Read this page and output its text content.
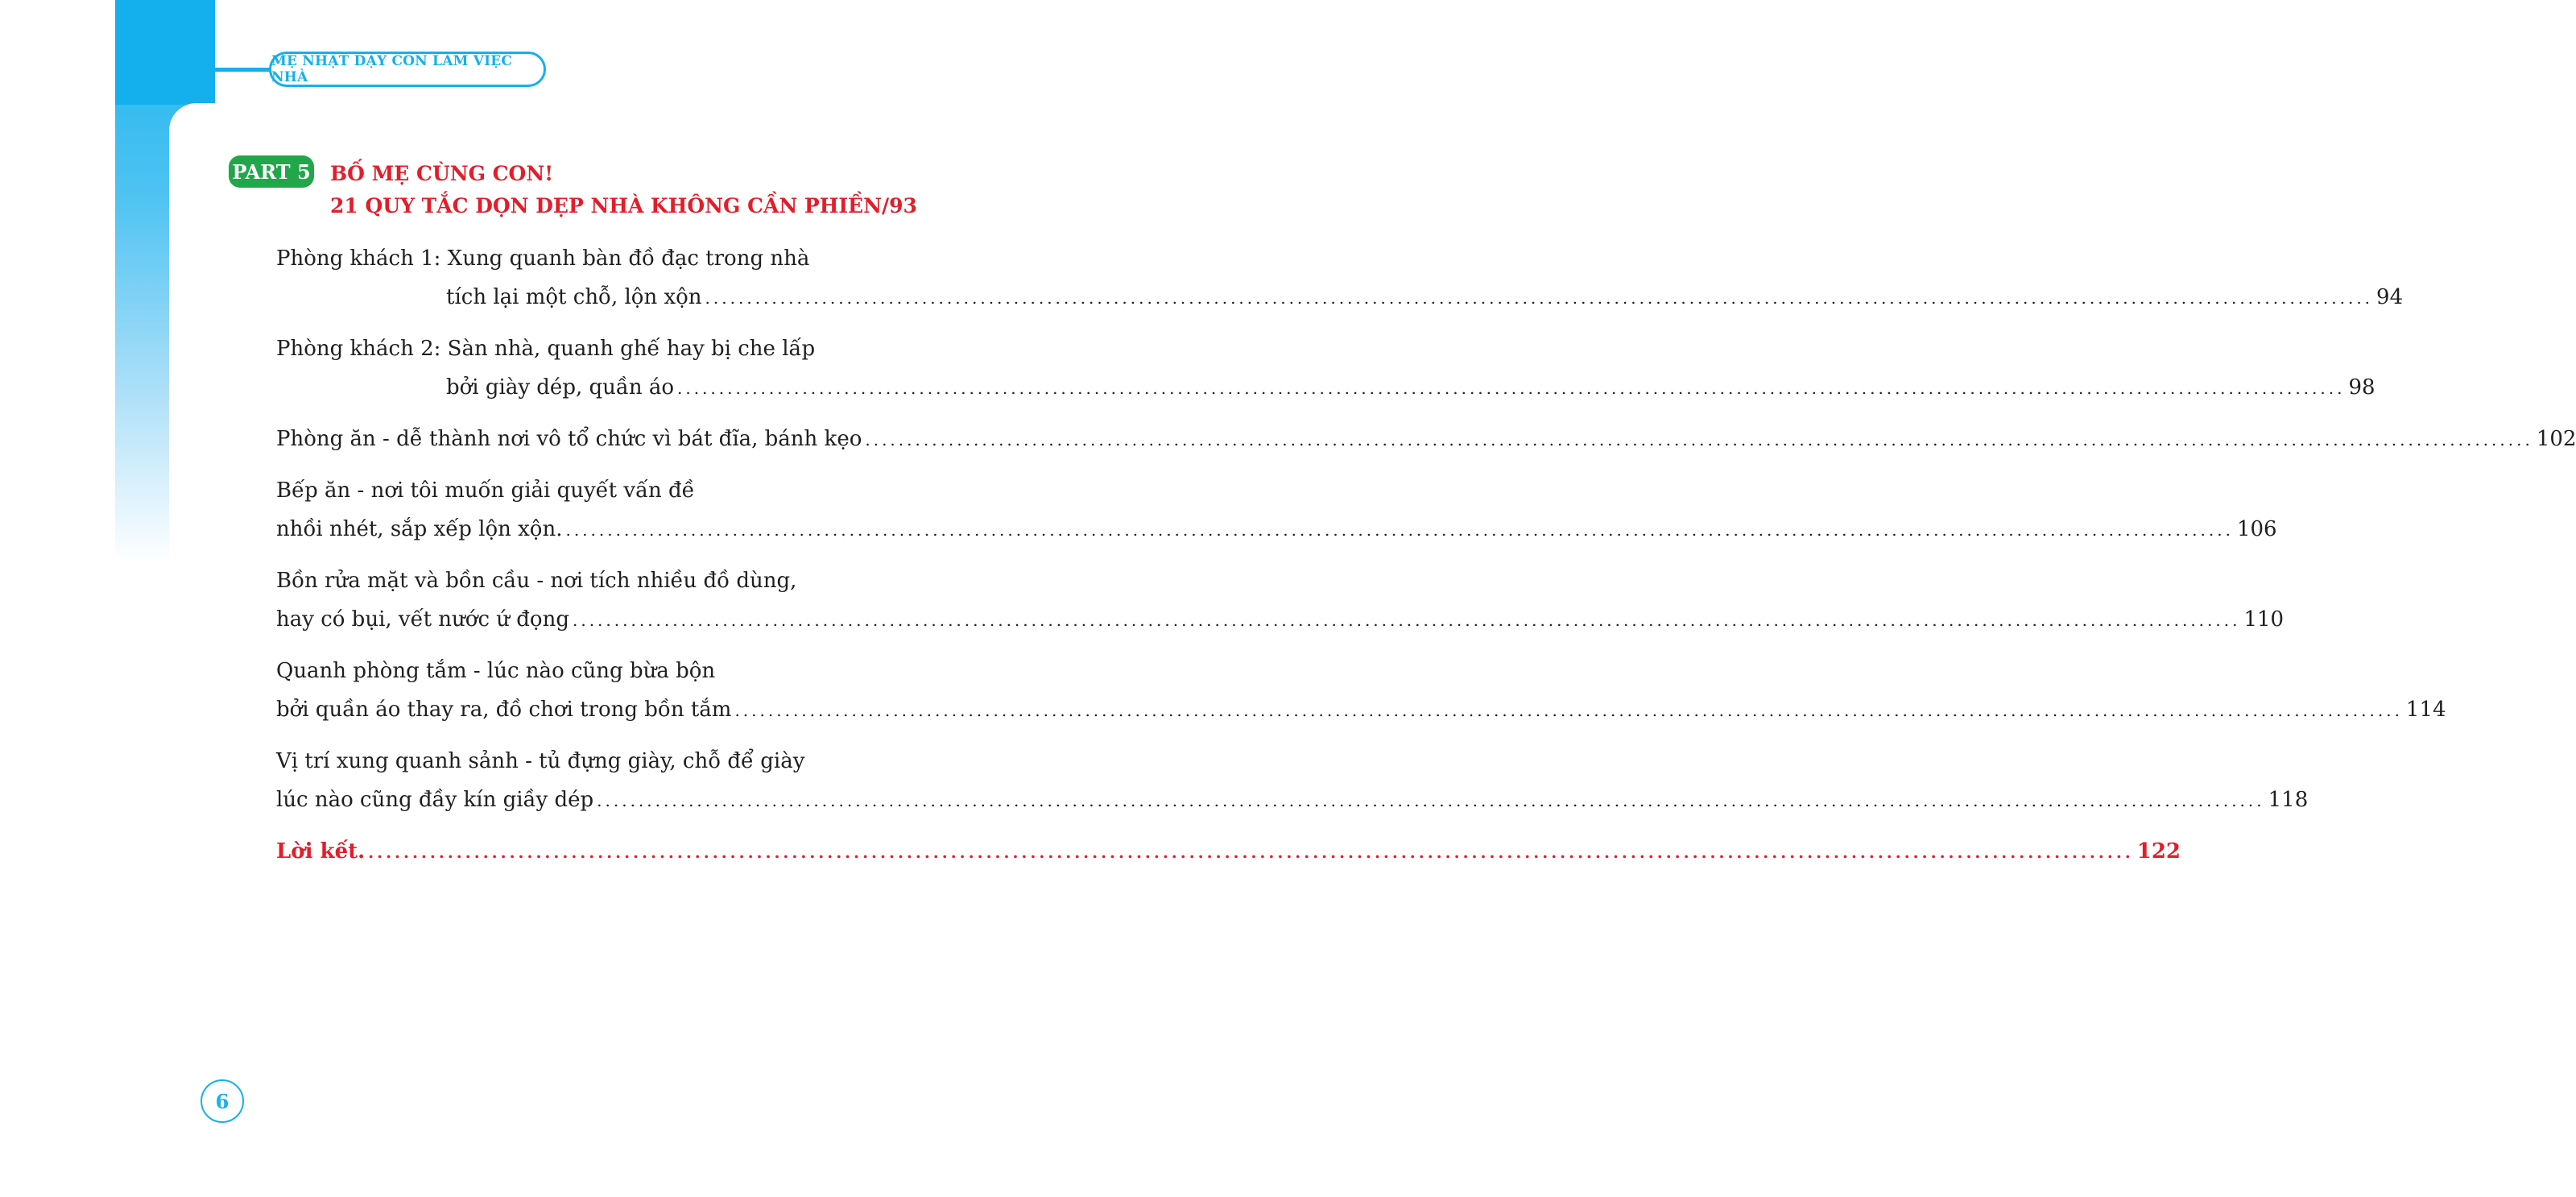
MẸ NHẬT DẠY CON LÀM VIỆC NHÀ
PART 5 BỐ MẸ CÙNG CON!
21 QUY TẮC DỌN DẸP NHÀ KHÔNG CẦN PHIỀN/93
Phòng khách 1: Xung quanh bàn đồ đạc trong nhà
tích lại một chỗ, lộn xộn ........................................................................................................................................................................................................ 94
Phòng khách 2: Sàn nhà, quanh ghế hay bị che lấp
bởi giày dép, quần áo ........................................................................................................................................................................................................ 98
Phòng ăn - dễ thành nơi vô tổ chức vì bát đĩa, bánh kẹo ........................................................................................................................................................................................................ 102
Bếp ăn - nơi tôi muốn giải quyết vấn đề
nhồi nhét, sắp xếp lộn xộn. ........................................................................................................................................................................................................ 106
Bồn rửa mặt và bồn cầu - nơi tích nhiều đồ dùng,
hay có bụi, vết nước ứ đọng ........................................................................................................................................................................................................ 110
Quanh phòng tắm - lúc nào cũng bừa bộn
bởi quần áo thay ra, đồ chơi trong bồn tắm ........................................................................................................................................................................................................ 114
Vị trí xung quanh sảnh - tủ đựng giày, chỗ để giày
lúc nào cũng đầy kín giầy dép ........................................................................................................................................................................................................ 118
Lời kết. ........................................................................................................................................................................................................ 122
6
